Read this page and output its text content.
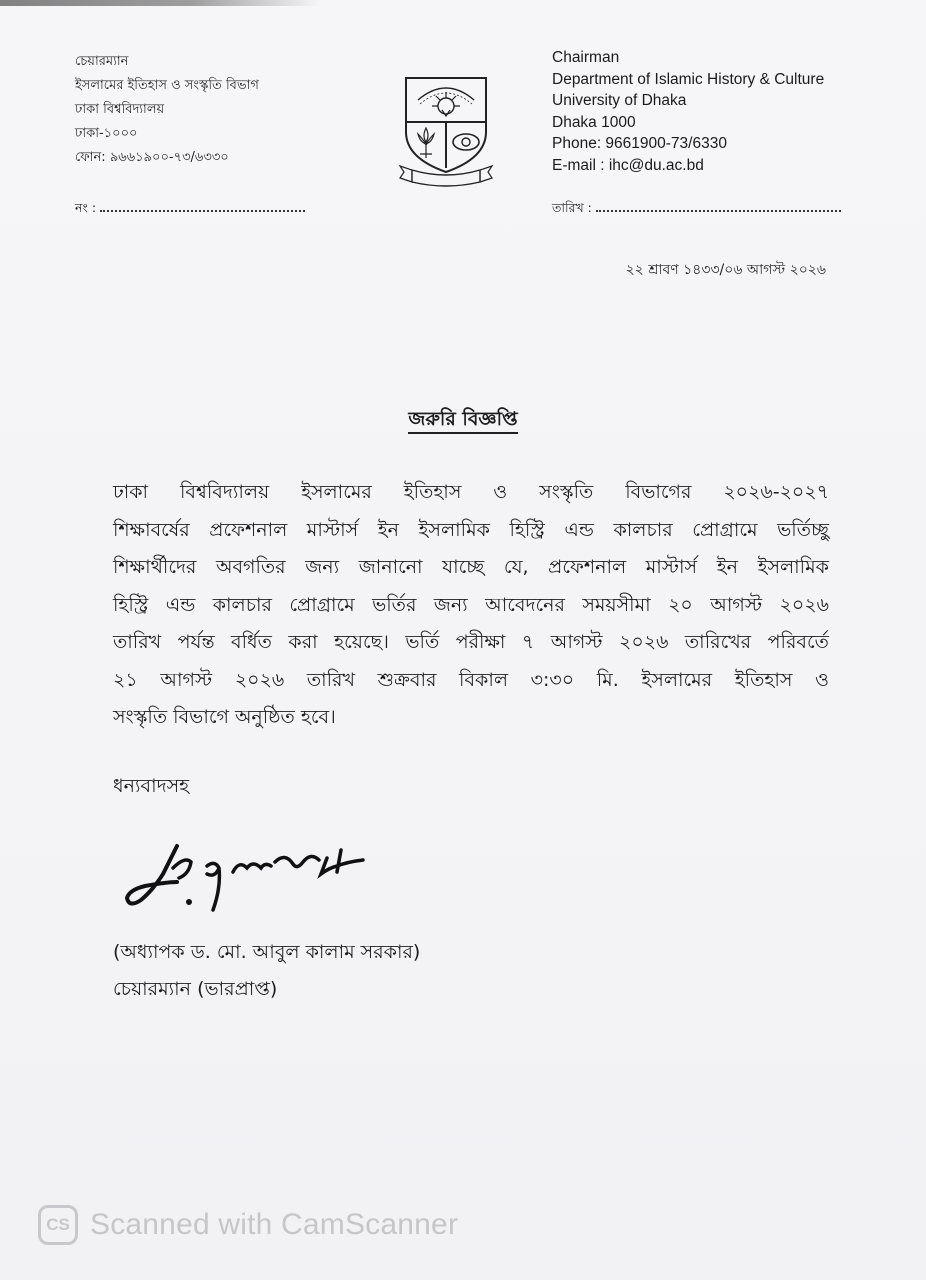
চেয়ারম্যান
ইসলামের ইতিহাস ও সংস্কৃতি বিভাগ
ঢাকা বিশ্ববিদ্যালয়
ঢাকা-১০০০
ফোন: ৯৬৬১৯০০-৭৩/৬৩৩০
Chairman
Department of Islamic History & Culture
University of Dhaka
Dhaka 1000
Phone: 9661900-73/6330
E-mail : ihc@du.ac.bd
নং :	তারিখ :
২২ শ্রাবণ ১৪৩৩/০৬ আগস্ট ২০২৬
জরুরি বিজ্ঞপ্তি
ঢাকা বিশ্ববিদ্যালয় ইসলামের ইতিহাস ও সংস্কৃতি বিভাগের ২০২৬-২০২৭
শিক্ষাবর্ষের প্রফেশনাল মাস্টার্স ইন ইসলামিক হিস্ট্রি এন্ড কালচার প্রোগ্রামে ভর্তিচ্ছু
শিক্ষার্থীদের অবগতির জন্য জানানো যাচ্ছে যে, প্রফেশনাল মাস্টার্স ইন ইসলামিক
হিস্ট্রি এন্ড কালচার প্রোগ্রামে ভর্তির জন্য আবেদনের সময়সীমা ২০ আগস্ট ২০২৬
তারিখ পর্যন্ত বর্ধিত করা হয়েছে। ভর্তি পরীক্ষা ৭ আগস্ট ২০২৬ তারিখের পরিবর্তে
২১ আগস্ট ২০২৬ তারিখ শুক্রবার বিকাল ৩:৩০ মি. ইসলামের ইতিহাস ও
সংস্কৃতি বিভাগে অনুষ্ঠিত হবে।
ধন্যবাদসহ
(অধ্যাপক ড. মো. আবুল কালাম সরকার)
চেয়ারম্যান (ভারপ্রাপ্ত)
CS Scanned with CamScanner
